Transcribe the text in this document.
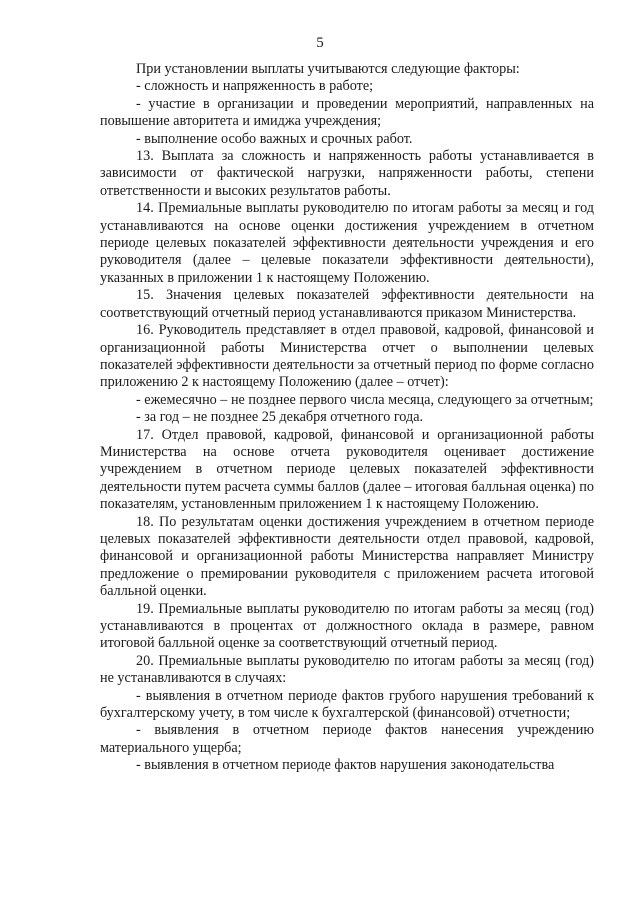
5

При установлении выплаты учитываются следующие факторы:

- сложность и напряженность в работе;

- участие в организации и проведении мероприятий, направленных на повышение авторитета и имиджа учреждения;

- выполнение особо важных и срочных работ.

13. Выплата за сложность и напряженность работы устанавливается в зависимости от фактической нагрузки, напряженности работы, степени ответственности и высоких результатов работы.

14. Премиальные выплаты руководителю по итогам работы за месяц и год устанавливаются на основе оценки достижения учреждением в отчетном периоде целевых показателей эффективности деятельности учреждения и его руководителя (далее – целевые показатели эффективности деятельности), указанных в приложении 1 к настоящему Положению.

15. Значения целевых показателей эффективности деятельности на соответствующий отчетный период устанавливаются приказом Министерства.

16. Руководитель представляет в отдел правовой, кадровой, финансовой и организационной работы Министерства отчет о выполнении целевых показателей эффективности деятельности за отчетный период по форме согласно приложению 2 к настоящему Положению (далее – отчет):

- ежемесячно – не позднее первого числа месяца, следующего за отчетным;

- за год – не позднее 25 декабря отчетного года.

17. Отдел правовой, кадровой, финансовой и организационной работы Министерства на основе отчета руководителя оценивает достижение учреждением в отчетном периоде целевых показателей эффективности деятельности путем расчета суммы баллов (далее – итоговая балльная оценка) по показателям, установленным приложением 1 к настоящему Положению.

18. По результатам оценки достижения учреждением в отчетном периоде целевых показателей эффективности деятельности отдел правовой, кадровой, финансовой и организационной работы Министерства направляет Министру предложение о премировании руководителя с приложением расчета итоговой балльной оценки.

19. Премиальные выплаты руководителю по итогам работы за месяц (год) устанавливаются в процентах от должностного оклада в размере, равном итоговой балльной оценке за соответствующий отчетный период.

20. Премиальные выплаты руководителю по итогам работы за месяц (год) не устанавливаются в случаях:

- выявления в отчетном периоде фактов грубого нарушения требований к бухгалтерскому учету, в том числе к бухгалтерской (финансовой) отчетности;

- выявления в отчетном периоде фактов нанесения учреждению материального ущерба;

- выявления в отчетном периоде фактов нарушения законодательства
